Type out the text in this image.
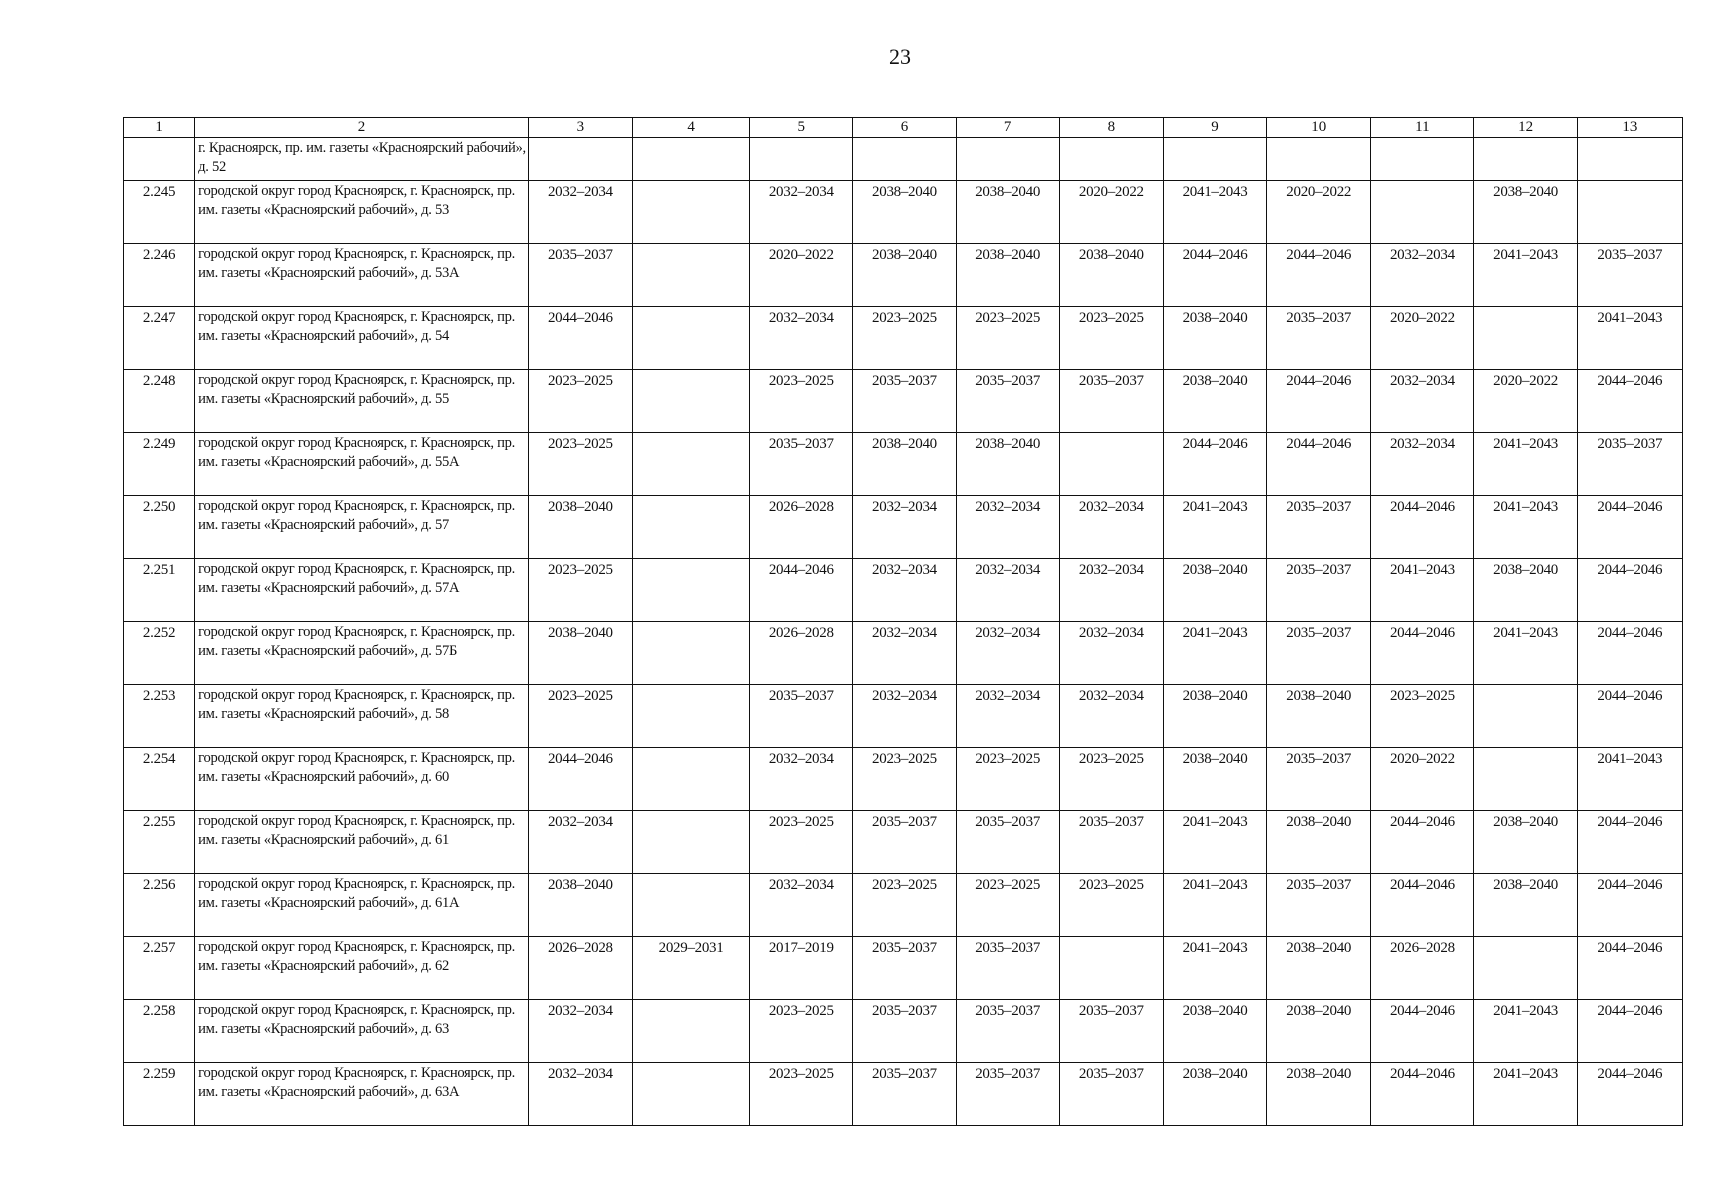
23
1	2	3	4	5	6	7	8	9	10	11	12	13
	г. Красноярск, пр. им. газеты «Красноярский рабочий», д. 52											
2.245	городской округ город Красноярск, г. Красноярск, пр. им. газеты «Красноярский рабочий», д. 53	2032–2034		2032–2034	2038–2040	2038–2040	2020–2022	2041–2043	2020–2022		2038–2040	
2.246	городской округ город Красноярск, г. Красноярск, пр. им. газеты «Красноярский рабочий», д. 53А	2035–2037		2020–2022	2038–2040	2038–2040	2038–2040	2044–2046	2044–2046	2032–2034	2041–2043	2035–2037
2.247	городской округ город Красноярск, г. Красноярск, пр. им. газеты «Красноярский рабочий», д. 54	2044–2046		2032–2034	2023–2025	2023–2025	2023–2025	2038–2040	2035–2037	2020–2022		2041–2043
2.248	городской округ город Красноярск, г. Красноярск, пр. им. газеты «Красноярский рабочий», д. 55	2023–2025		2023–2025	2035–2037	2035–2037	2035–2037	2038–2040	2044–2046	2032–2034	2020–2022	2044–2046
2.249	городской округ город Красноярск, г. Красноярск, пр. им. газеты «Красноярский рабочий», д. 55А	2023–2025		2035–2037	2038–2040	2038–2040		2044–2046	2044–2046	2032–2034	2041–2043	2035–2037
2.250	городской округ город Красноярск, г. Красноярск, пр. им. газеты «Красноярский рабочий», д. 57	2038–2040		2026–2028	2032–2034	2032–2034	2032–2034	2041–2043	2035–2037	2044–2046	2041–2043	2044–2046
2.251	городской округ город Красноярск, г. Красноярск, пр. им. газеты «Красноярский рабочий», д. 57А	2023–2025		2044–2046	2032–2034	2032–2034	2032–2034	2038–2040	2035–2037	2041–2043	2038–2040	2044–2046
2.252	городской округ город Красноярск, г. Красноярск, пр. им. газеты «Красноярский рабочий», д. 57Б	2038–2040		2026–2028	2032–2034	2032–2034	2032–2034	2041–2043	2035–2037	2044–2046	2041–2043	2044–2046
2.253	городской округ город Красноярск, г. Красноярск, пр. им. газеты «Красноярский рабочий», д. 58	2023–2025		2035–2037	2032–2034	2032–2034	2032–2034	2038–2040	2038–2040	2023–2025		2044–2046
2.254	городской округ город Красноярск, г. Красноярск, пр. им. газеты «Красноярский рабочий», д. 60	2044–2046		2032–2034	2023–2025	2023–2025	2023–2025	2038–2040	2035–2037	2020–2022		2041–2043
2.255	городской округ город Красноярск, г. Красноярск, пр. им. газеты «Красноярский рабочий», д. 61	2032–2034		2023–2025	2035–2037	2035–2037	2035–2037	2041–2043	2038–2040	2044–2046	2038–2040	2044–2046
2.256	городской округ город Красноярск, г. Красноярск, пр. им. газеты «Красноярский рабочий», д. 61А	2038–2040		2032–2034	2023–2025	2023–2025	2023–2025	2041–2043	2035–2037	2044–2046	2038–2040	2044–2046
2.257	городской округ город Красноярск, г. Красноярск, пр. им. газеты «Красноярский рабочий», д. 62	2026–2028	2029–2031	2017–2019	2035–2037	2035–2037		2041–2043	2038–2040	2026–2028		2044–2046
2.258	городской округ город Красноярск, г. Красноярск, пр. им. газеты «Красноярский рабочий», д. 63	2032–2034		2023–2025	2035–2037	2035–2037	2035–2037	2038–2040	2038–2040	2044–2046	2041–2043	2044–2046
2.259	городской округ город Красноярск, г. Красноярск, пр. им. газеты «Красноярский рабочий», д. 63А	2032–2034		2023–2025	2035–2037	2035–2037	2035–2037	2038–2040	2038–2040	2044–2046	2041–2043	2044–2046
